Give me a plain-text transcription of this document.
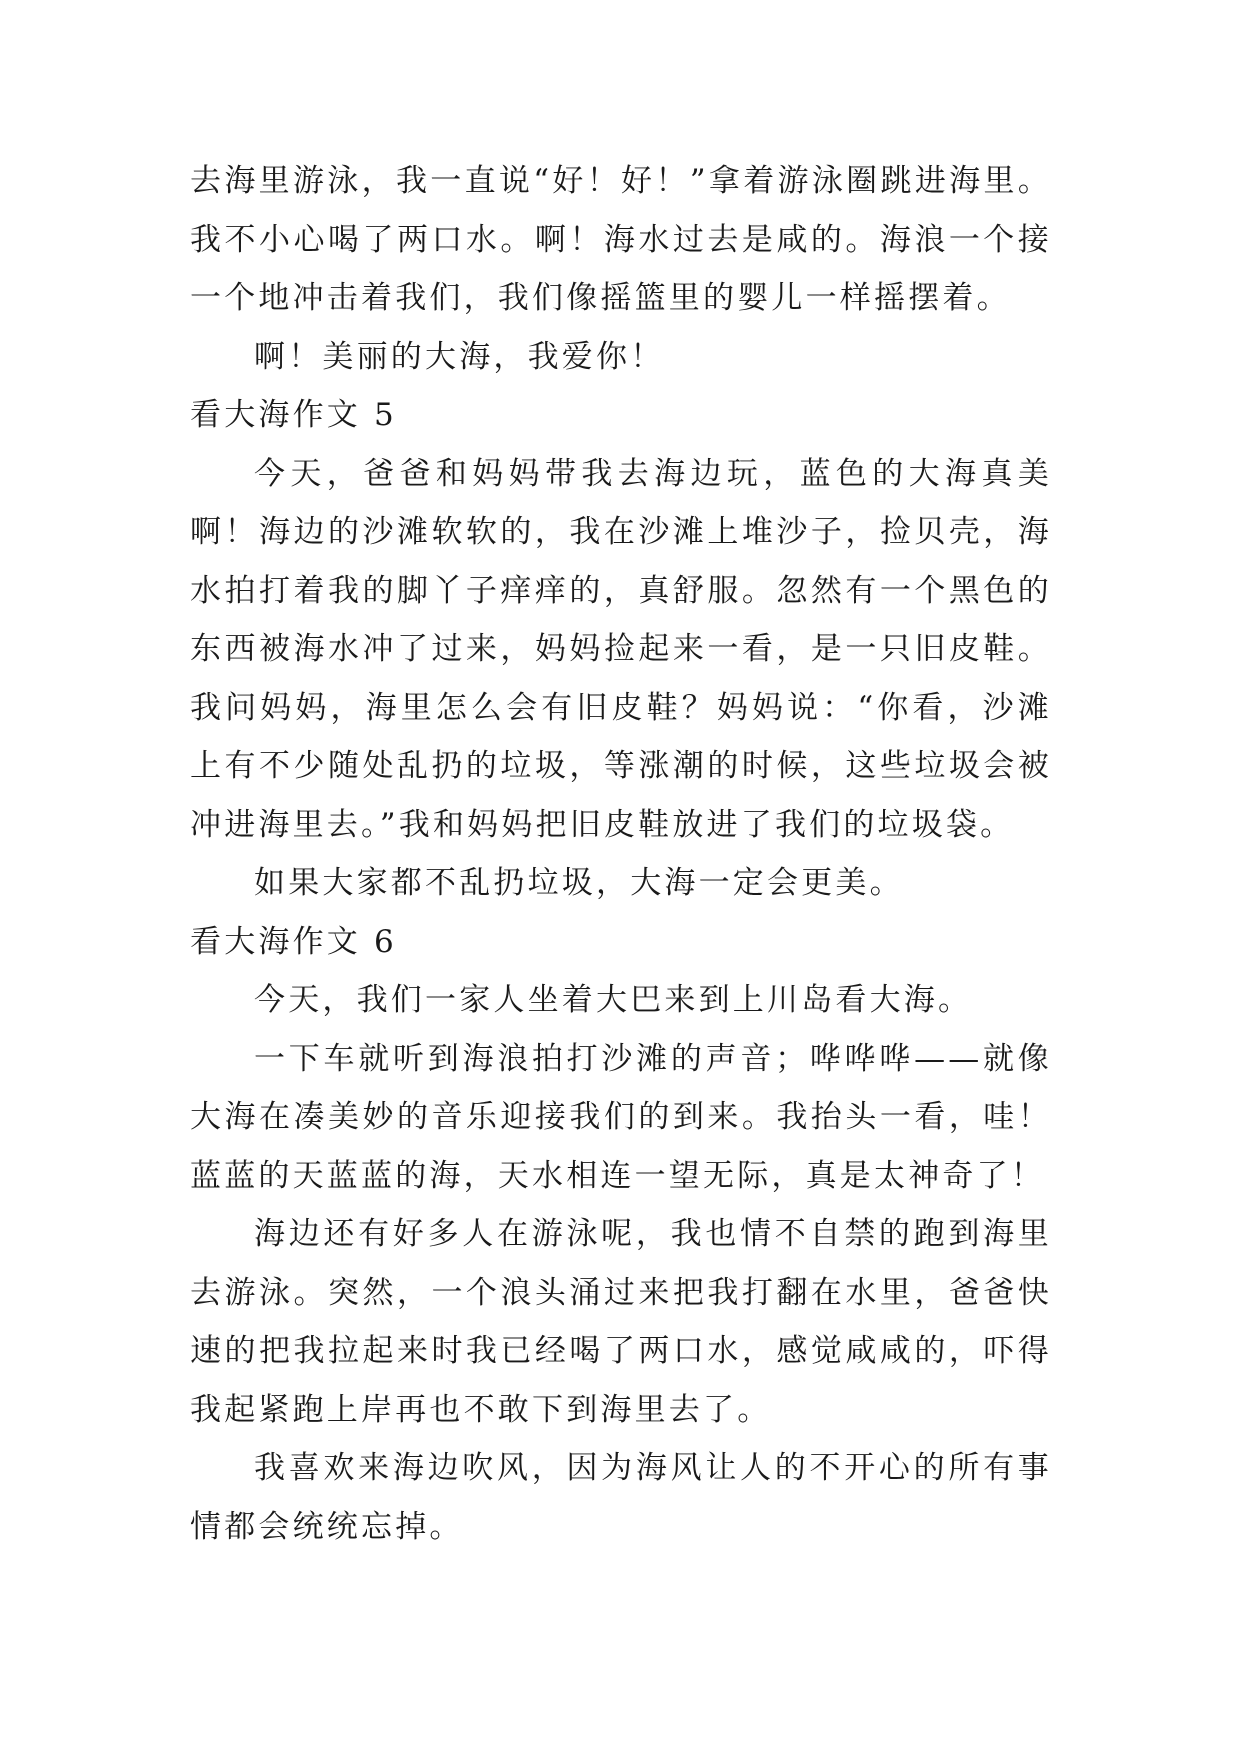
去海里游泳，我一直说“好！好！”拿着游泳圈跳进海里。我不小心喝了两口水。啊！海水过去是咸的。海浪一个接一个地冲击着我们，我们像摇篮里的婴儿一样摇摆着。

啊！美丽的大海，我爱你！

看大海作文 5

今天，爸爸和妈妈带我去海边玩，蓝色的大海真美啊！海边的沙滩软软的，我在沙滩上堆沙子，捡贝壳，海水拍打着我的脚丫子痒痒的，真舒服。忽然有一个黑色的东西被海水冲了过来，妈妈捡起来一看，是一只旧皮鞋。我问妈妈，海里怎么会有旧皮鞋？妈妈说：“你看，沙滩上有不少随处乱扔的垃圾，等涨潮的时候，这些垃圾会被冲进海里去。”我和妈妈把旧皮鞋放进了我们的垃圾袋。

如果大家都不乱扔垃圾，大海一定会更美。

看大海作文 6

今天，我们一家人坐着大巴来到上川岛看大海。

一下车就听到海浪拍打沙滩的声音；哗哗哗——就像大海在凑美妙的音乐迎接我们的到来。我抬头一看，哇！蓝蓝的天蓝蓝的海，天水相连一望无际，真是太神奇了！

海边还有好多人在游泳呢，我也情不自禁的跑到海里去游泳。突然，一个浪头涌过来把我打翻在水里，爸爸快速的把我拉起来时我已经喝了两口水，感觉咸咸的，吓得我起紧跑上岸再也不敢下到海里去了。

我喜欢来海边吹风，因为海风让人的不开心的所有事情都会统统忘掉。
